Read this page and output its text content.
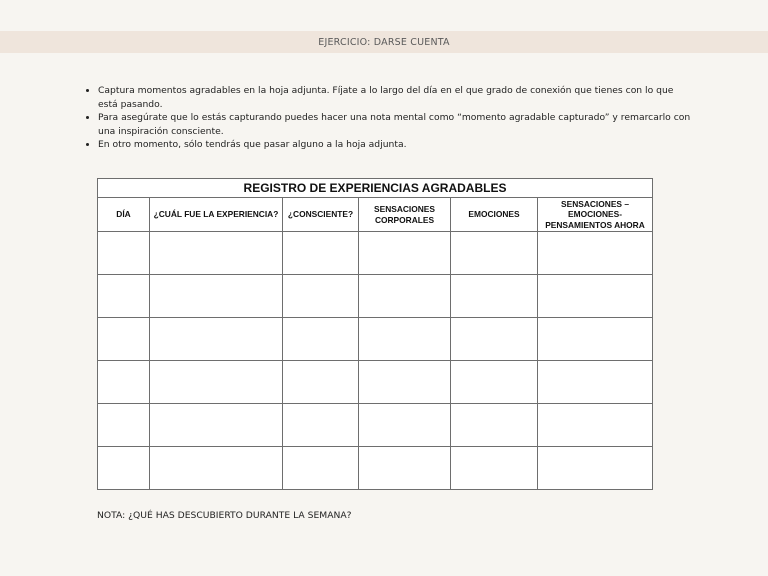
EJERCICIO: DARSE CUENTA
• Captura momentos agradables en la hoja adjunta. Fíjate a lo largo del día en el que grado de conexión que tienes con lo que está pasando.
• Para asegúrate que lo estás capturando puedes hacer una nota mental como “momento agradable capturado” y remarcarlo con una inspiración consciente.
• En otro momento, sólo tendrás que pasar alguno a la hoja adjunta.
REGISTRO DE EXPERIENCIAS AGRADABLES					
DÍA	¿CUÁL FUE LA EXPERIENCIA?	¿CONSCIENTE?	SENSACIONES CORPORALES	EMOCIONES	SENSACIONES – EMOCIONES- PENSAMIENTOS AHORA

NOTA: ¿QUÉ HAS DESCUBIERTO DURANTE LA SEMANA?
